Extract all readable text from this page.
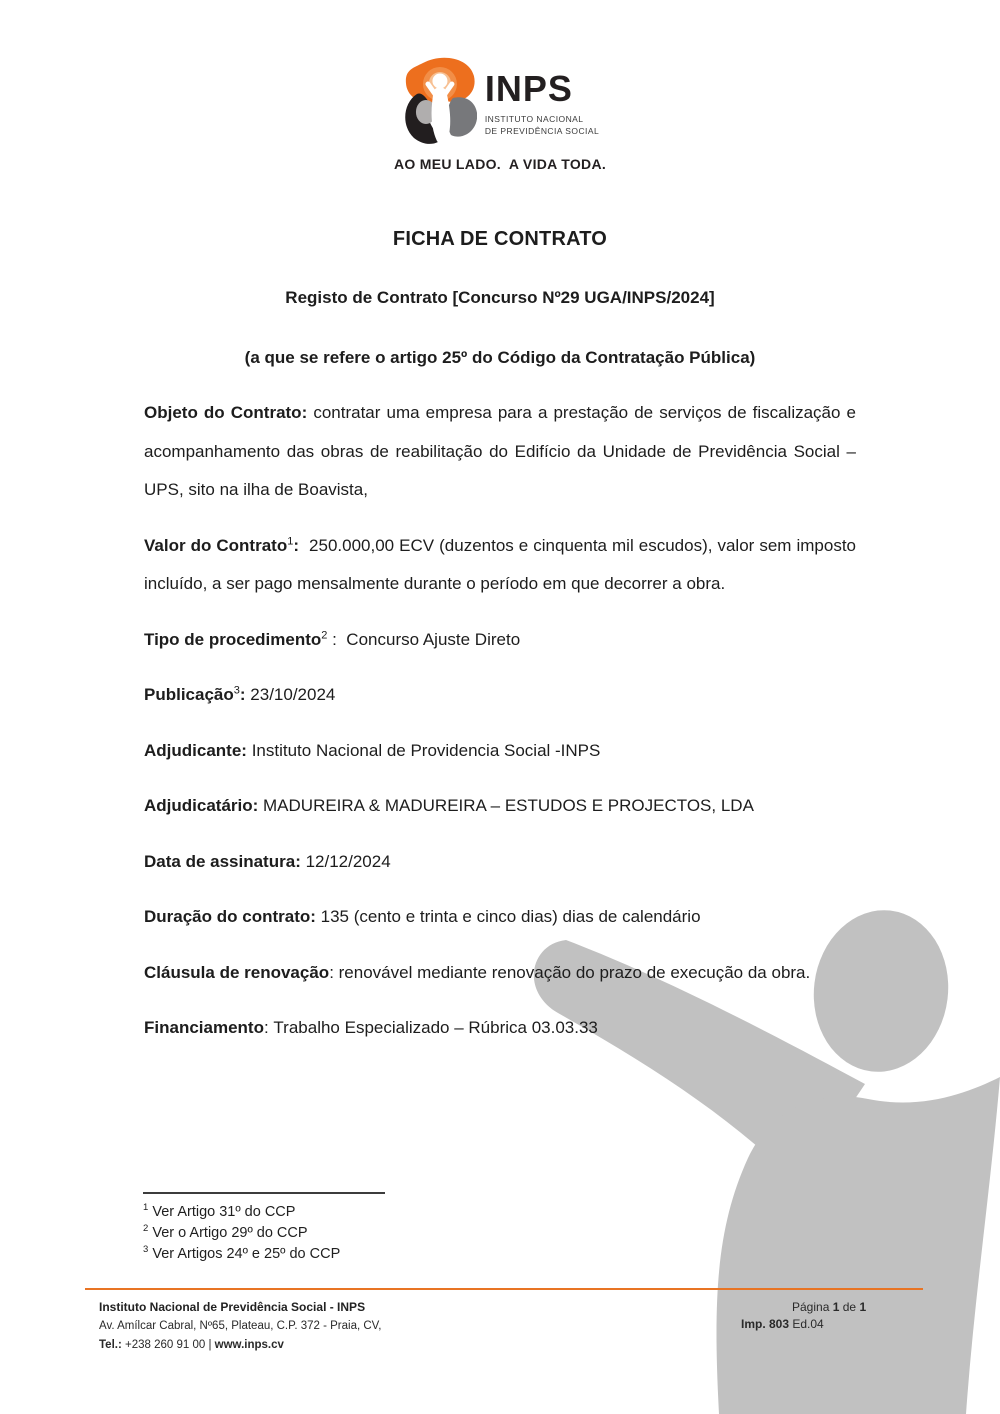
INPS
INSTITUTO NACIONAL
DE PREVIDÊNCIA SOCIAL
AO MEU LADO.  A VIDA TODA.
FICHA DE CONTRATO
Registo de Contrato [Concurso Nº29 UGA/INPS/2024]
(a que se refere o artigo 25º do Código da Contratação Pública)

Objeto do Contrato: contratar uma empresa para a prestação de serviços de fiscalização e acompanhamento das obras de reabilitação do Edifício da Unidade de Previdência Social – UPS, sito na ilha de Boavista,

Valor do Contrato$^1$:  250.000,00 ECV (duzentos e cinquenta mil escudos), valor sem imposto incluído, a ser pago mensalmente durante o período em que decorrer a obra.

Tipo de procedimento$^2$ :  Concurso Ajuste Direto

Publicação$^3$: 23/10/2024

Adjudicante: Instituto Nacional de Providencia Social -INPS

Adjudicatário: MADUREIRA & MADUREIRA – ESTUDOS E PROJECTOS, LDA

Data de assinatura: 12/12/2024

Duração do contrato: 135 (cento e trinta e cinco dias) dias de calendário

Cláusula de renovação: renovável mediante renovação do prazo de execução da obra.

Financiamento: Trabalho Especializado – Rúbrica 03.03.33

$^1$ Ver Artigo 31º do CCP
$^2$ Ver o Artigo 29º do CCP
$^3$ Ver Artigos 24º e 25º do CCP
Instituto Nacional de Previdência Social - INPS
Av. Amílcar Cabral, Nº65, Plateau, C.P. 372 - Praia, CV,
Tel.: +238 260 91 00 | www.inps.cv
Página 1 de 1
Imp. 803 Ed.04
